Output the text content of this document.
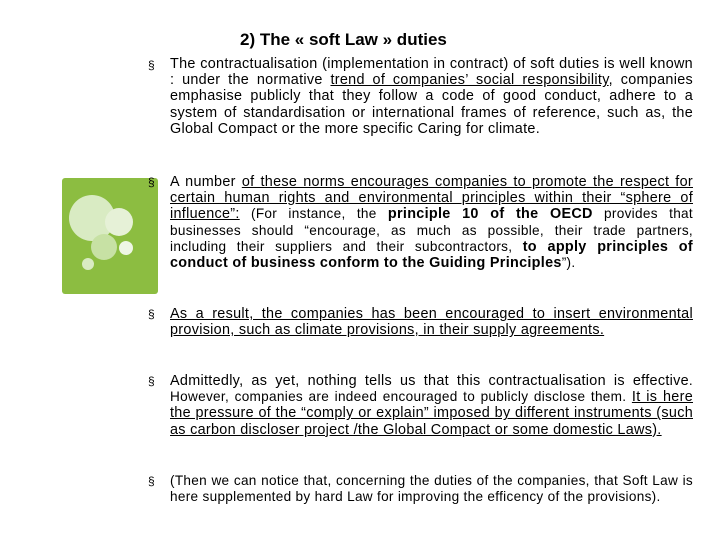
2) The « soft Law » duties
§ The contractualisation (implementation in contract) of soft duties is well known : under the normative trend of companies’ social responsibility, companies emphasise publicly that they follow a code of good conduct, adhere to a system of standardisation or international frames of reference, such as, the Global Compact or the more specific Caring for climate.
§ A number of these norms encourages companies to promote the respect for certain human rights and environmental principles within their “sphere of influence”: (For instance, the principle 10 of the OECD provides that businesses should “encourage, as much as possible, their trade partners, including their suppliers and their subcontractors, to apply principles of conduct of business conform to the Guiding Principles”).
§ As a result, the companies has been encouraged to insert environmental provision, such as climate provisions, in their supply agreements.
§ Admittedly, as yet, nothing tells us that this contractualisation is effective. However, companies are indeed encouraged to publicly disclose them. It is here the pressure of the “comply or explain” imposed by different instruments (such as carbon discloser project /the Global Compact or some domestic Laws).
§ (Then we can notice that, concerning the duties of the companies, that Soft Law is here supplemented by hard Law for improving the efficency of the provisions).
